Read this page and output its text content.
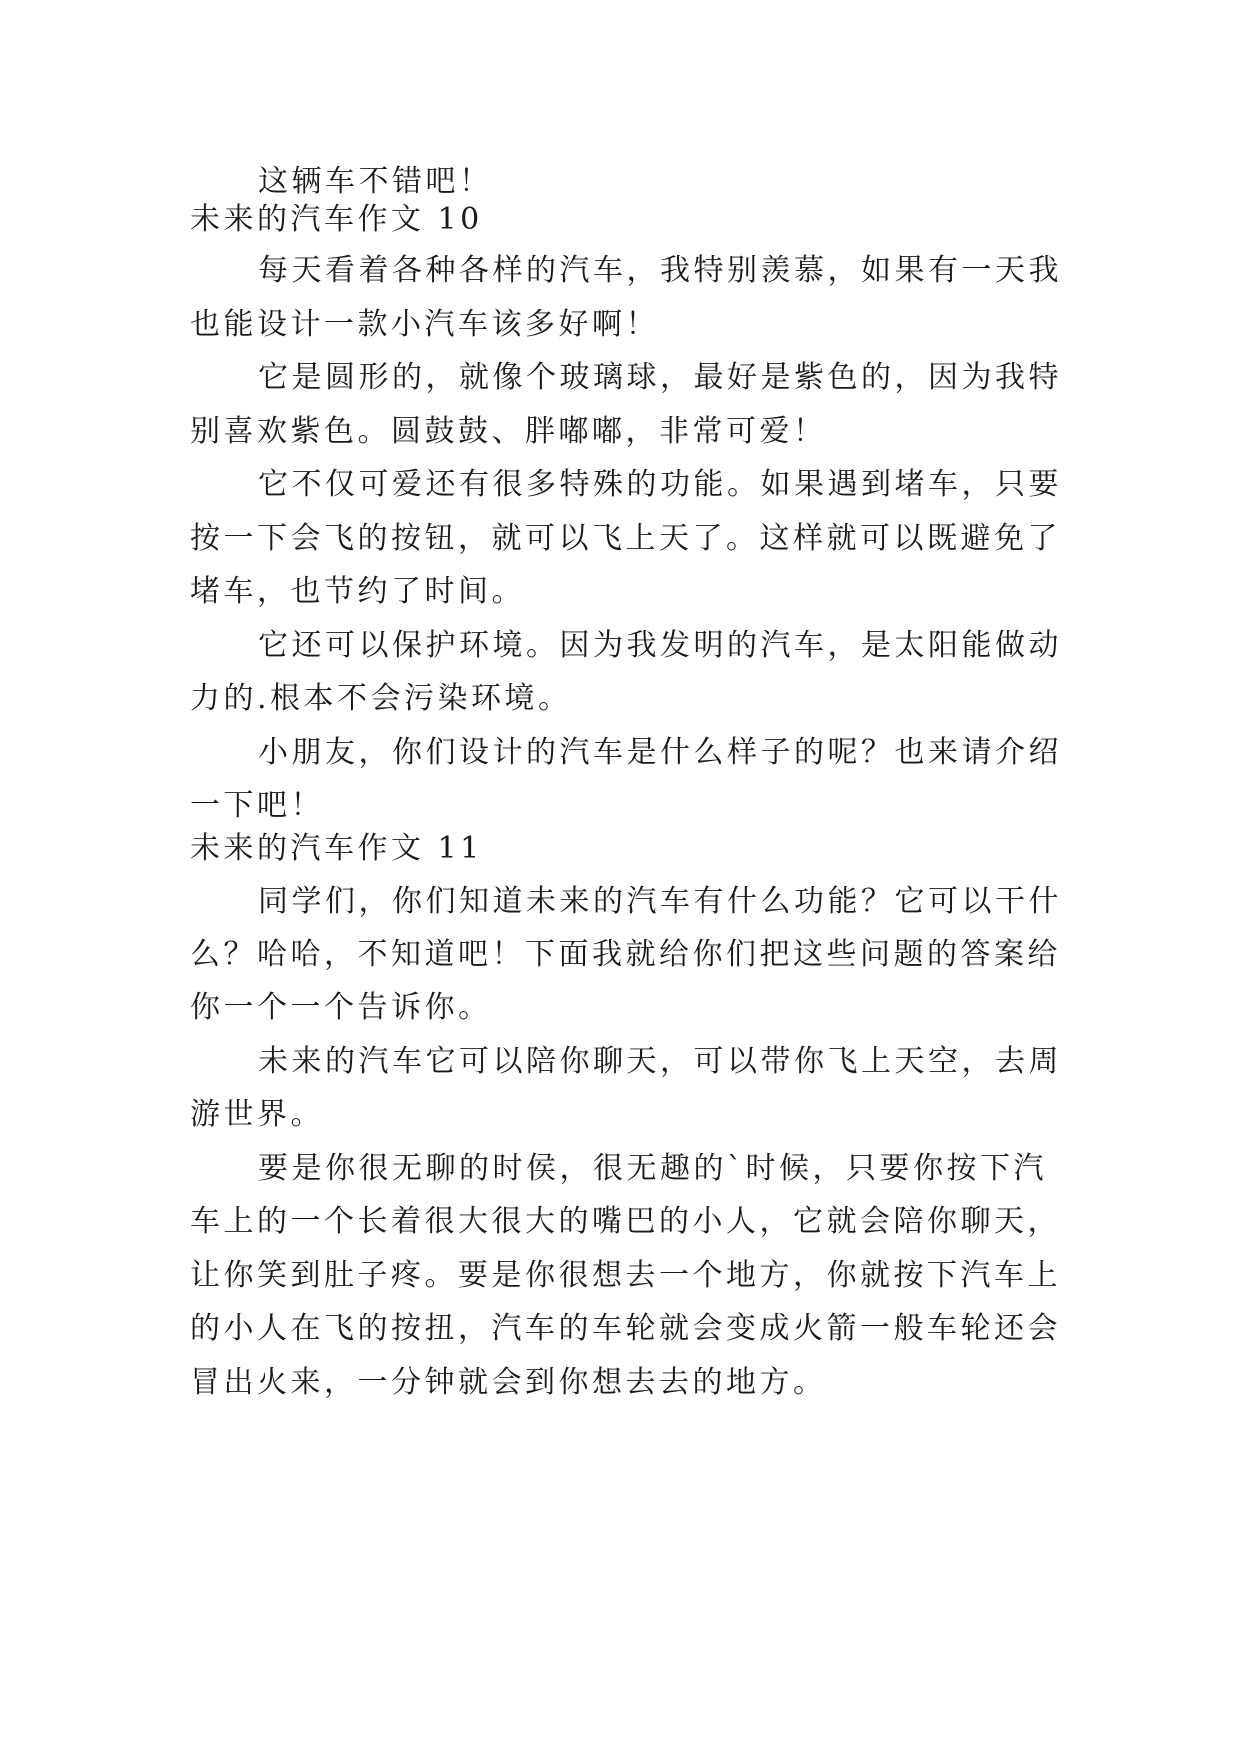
这辆车不错吧！

未来的汽车作文 10

每天看着各种各样的汽车，我特别羡慕，如果有一天我

也能设计一款小汽车该多好啊！

它是圆形的，就像个玻璃球，最好是紫色的，因为我特

别喜欢紫色。圆鼓鼓、胖嘟嘟，非常可爱！

它不仅可爱还有很多特殊的功能。如果遇到堵车，只要

按一下会飞的按钮，就可以飞上天了。这样就可以既避免了

堵车，也节约了时间。

它还可以保护环境。因为我发明的汽车，是太阳能做动

力的.根本不会污染环境。

小朋友，你们设计的汽车是什么样子的呢？也来请介绍

一下吧！

未来的汽车作文 11

同学们，你们知道未来的汽车有什么功能？它可以干什

么？哈哈，不知道吧！下面我就给你们把这些问题的答案给

你一个一个告诉你。

未来的汽车它可以陪你聊天，可以带你飞上天空，去周

游世界。

要是你很无聊的时侯，很无趣的`时候，只要你按下汽

车上的一个长着很大很大的嘴巴的小人，它就会陪你聊天，

让你笑到肚子疼。要是你很想去一个地方，你就按下汽车上

的小人在飞的按扭，汽车的车轮就会变成火箭一般车轮还会

冒出火来，一分钟就会到你想去去的地方。
